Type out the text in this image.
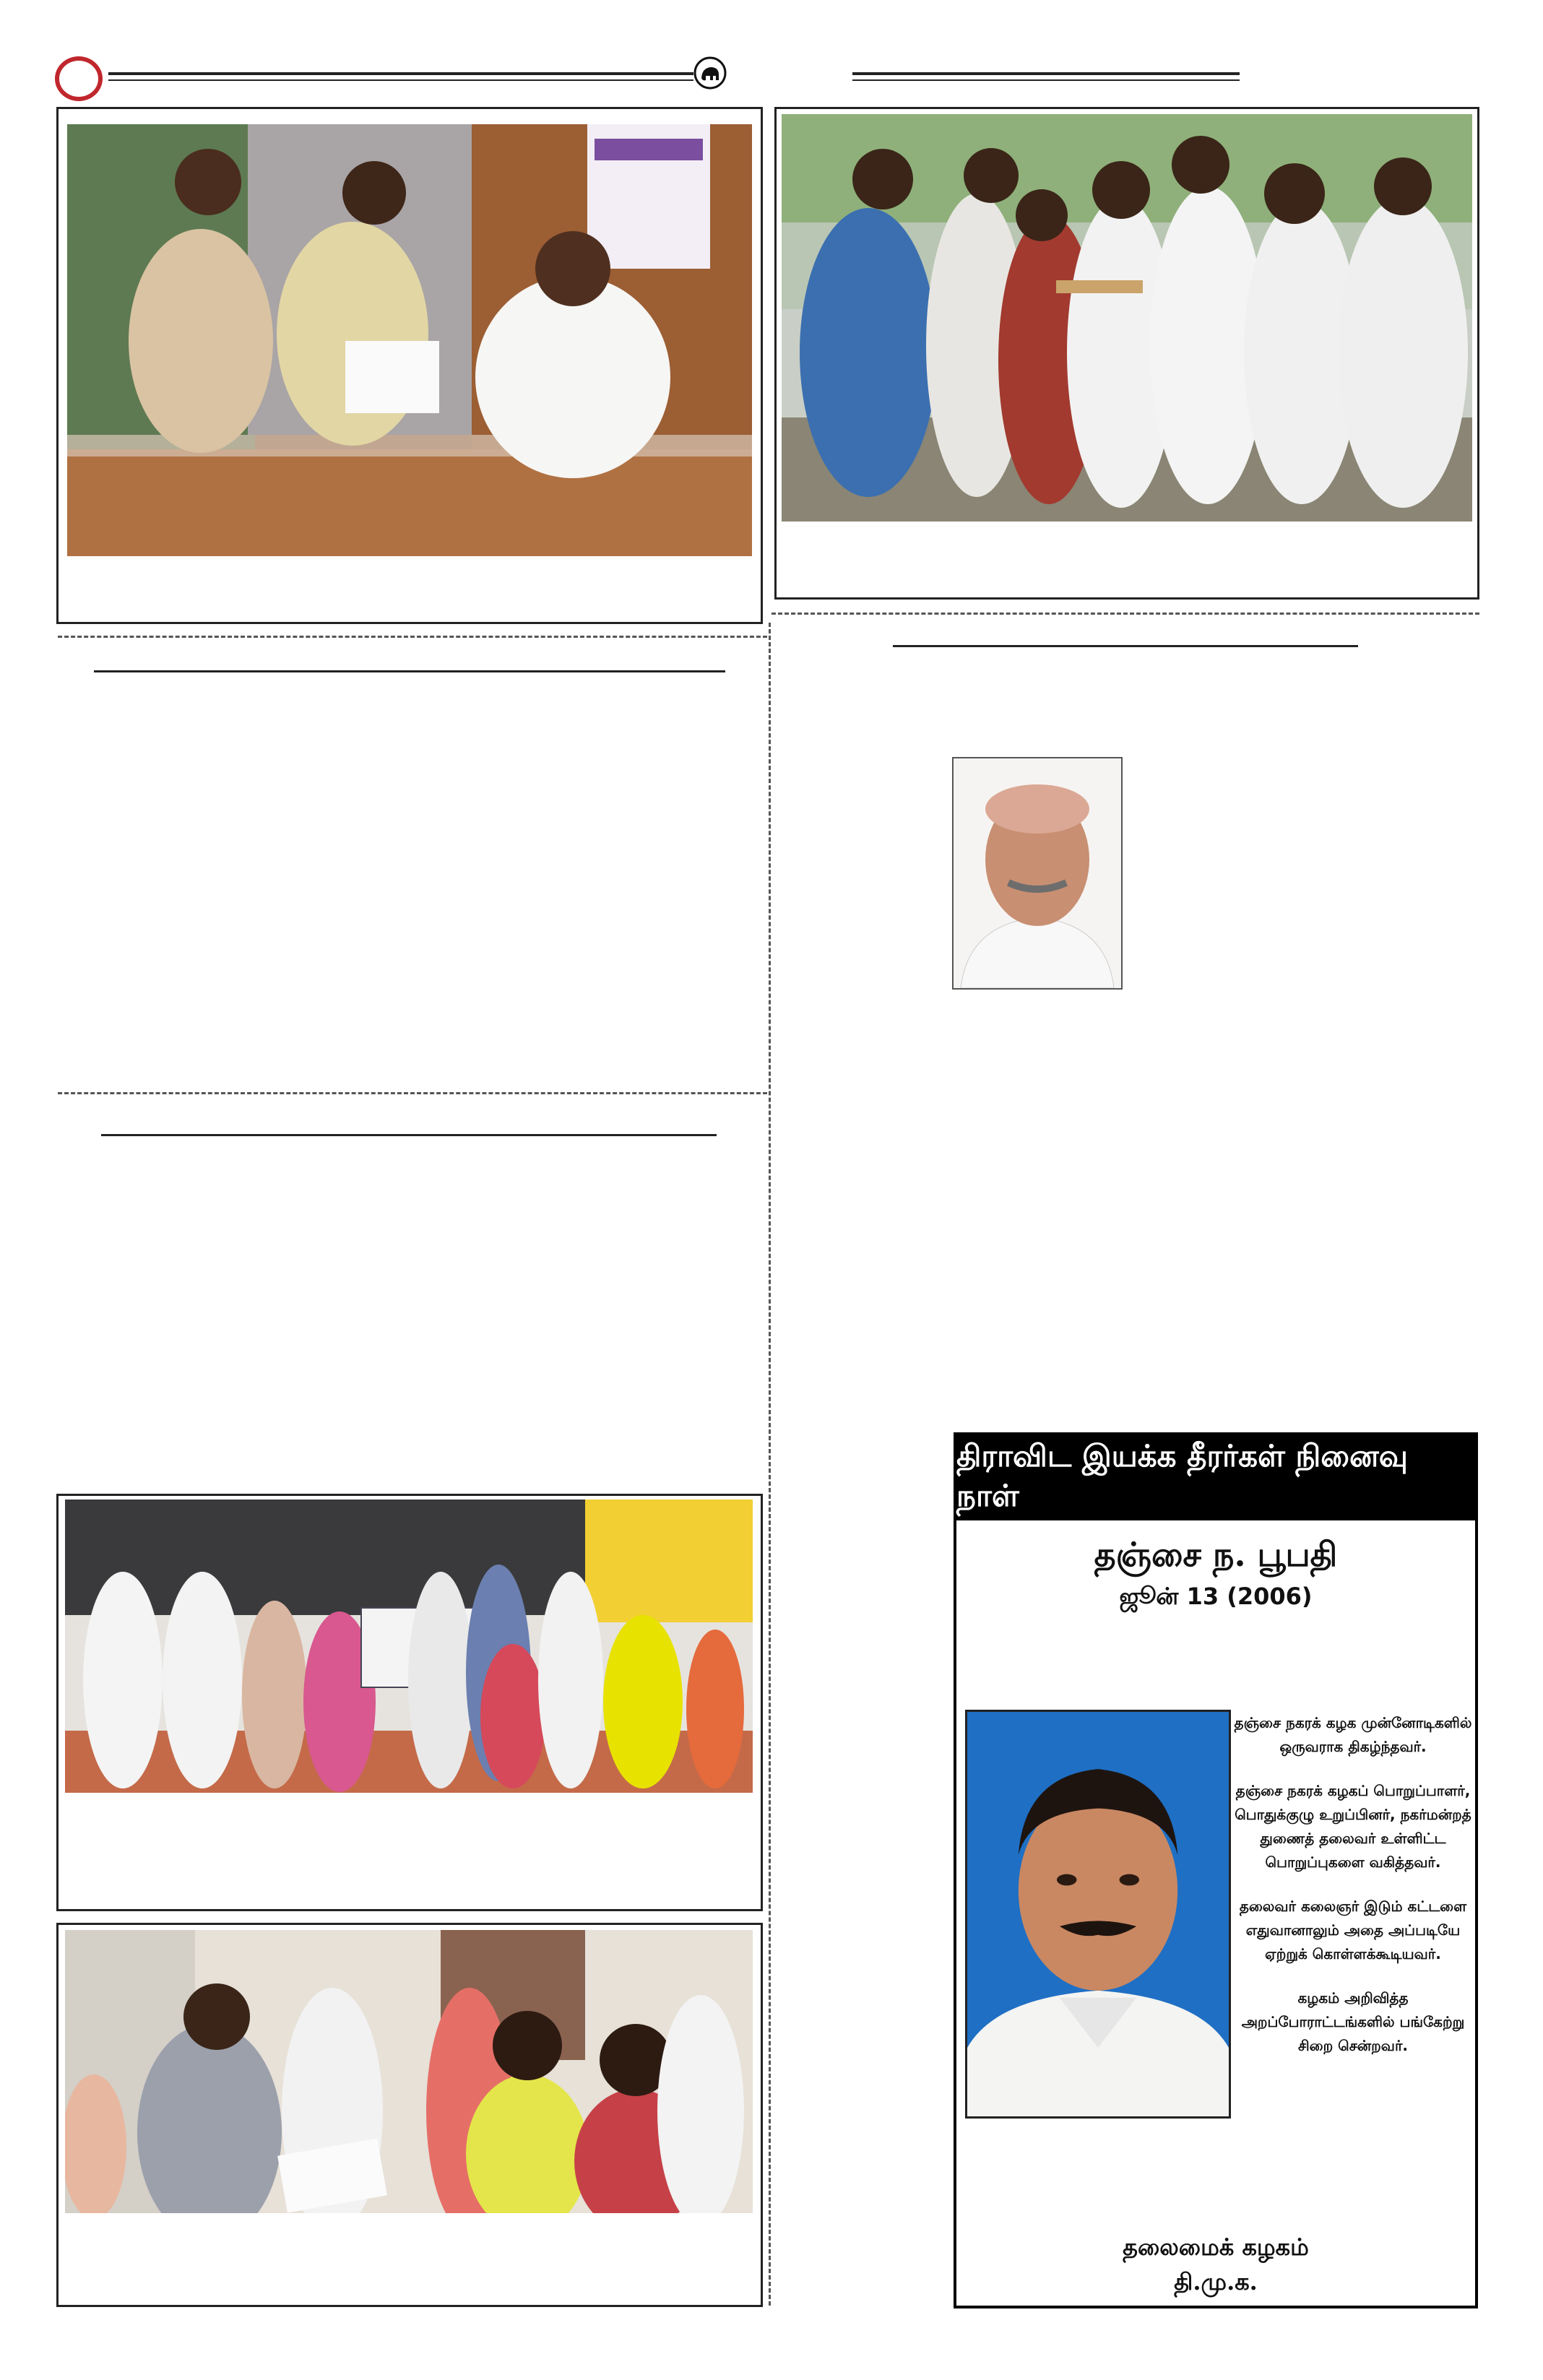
திராவிட இயக்க தீரர்கள் நினைவு நாள்
தஞ்சை ந. பூபதி
ஜூன் 13 (2006)

தஞ்சை நகரக் கழக முன்னோடிகளில் ஒருவராக திகழ்ந்தவர்.

தஞ்சை நகரக் கழகப் பொறுப்பாளர், பொதுக்குழு உறுப்பினர், நகர்மன்றத் துணைத் தலைவர் உள்ளிட்ட பொறுப்புகளை வகித்தவர்.

தலைவர் கலைஞர் இடும் கட்டளை எதுவானாலும் அதை அப்படியே ஏற்றுக் கொள்ளக்கூடியவர்.

கழகம் அறிவித்த அறப்போராட்டங்களில் பங்கேற்று சிறை சென்றவர்.

தலைமைக் கழகம்
தி.மு.க.
